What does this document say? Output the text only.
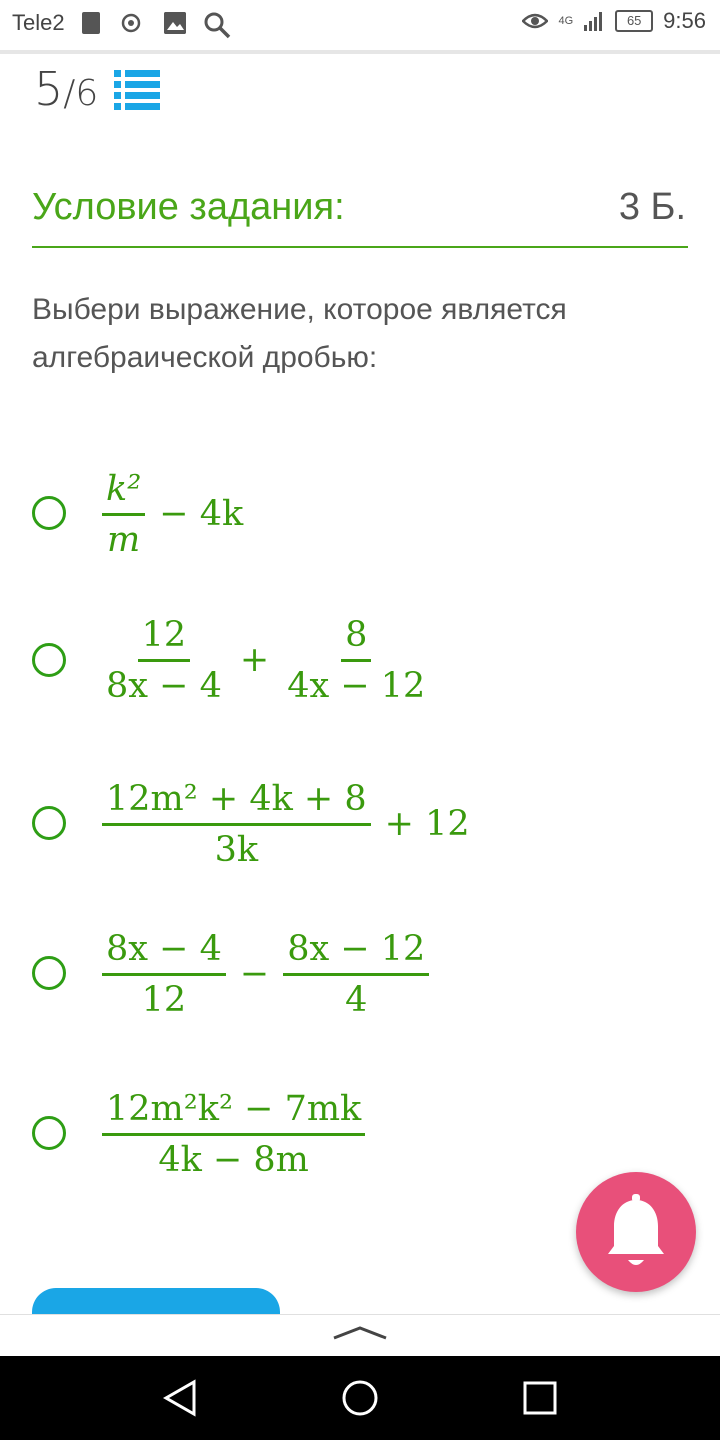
Tele2	4G	65 9:56
5/6
Условие задания:	3 Б.
Выбери выражение, которое является алгебраической дробью:
$\frac{\text{k²}}{m} - 4k$
$\frac{12}{8x - 4} + \frac{8}{4x - 12}$
$\frac{\text{12m² + 4k + 8}}{3k} + 12$
$\frac{8x - 4}{12} - \frac{8x - 12}{4}$
$\frac{\text{12m²k² − 7mk}}{4k - 8m}$
